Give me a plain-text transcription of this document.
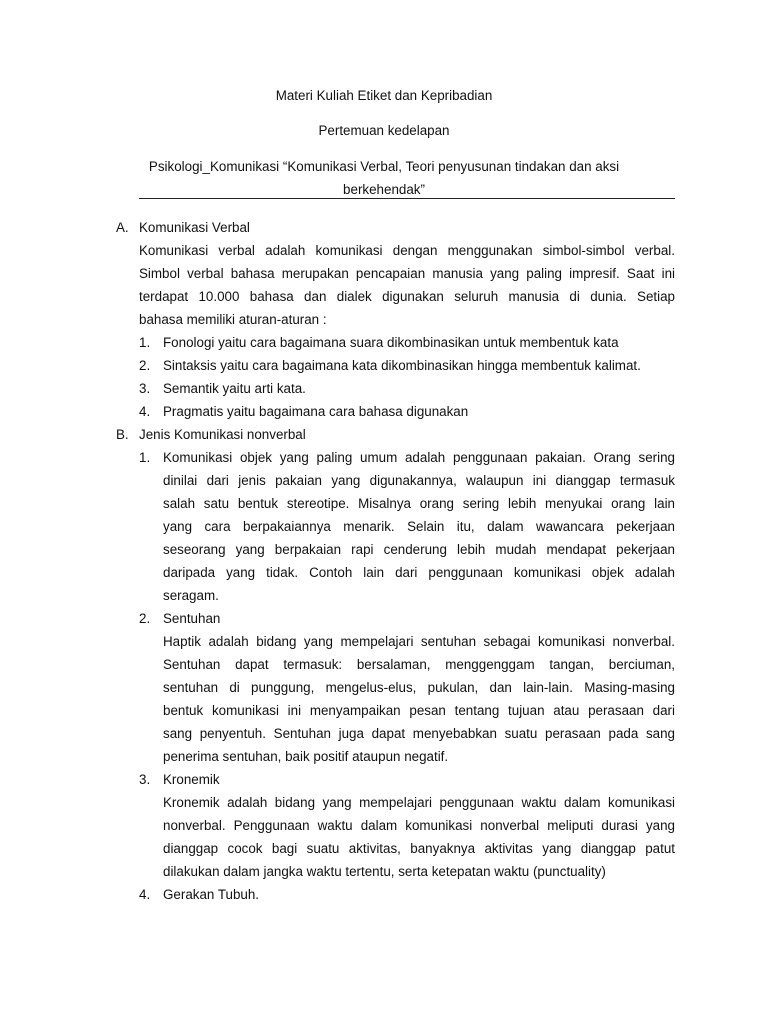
Materi Kuliah Etiket dan Kepribadian
Pertemuan kedelapan
Psikologi_Komunikasi “Komunikasi Verbal, Teori penyusunan tindakan dan aksi
berkehendak”
A. Komunikasi Verbal
Komunikasi verbal adalah komunikasi dengan menggunakan simbol-simbol verbal.
Simbol verbal bahasa merupakan pencapaian manusia yang paling impresif. Saat ini
terdapat 10.000 bahasa dan dialek digunakan seluruh manusia di dunia. Setiap
bahasa memiliki aturan-aturan :
1. Fonologi yaitu cara bagaimana suara dikombinasikan untuk membentuk kata
2. Sintaksis yaitu cara bagaimana kata dikombinasikan hingga membentuk kalimat.
3. Semantik yaitu arti kata.
4. Pragmatis yaitu bagaimana cara bahasa digunakan
B. Jenis Komunikasi nonverbal
1. Komunikasi objek yang paling umum adalah penggunaan pakaian. Orang sering
dinilai dari jenis pakaian yang digunakannya, walaupun ini dianggap termasuk
salah satu bentuk stereotipe. Misalnya orang sering lebih menyukai orang lain
yang cara berpakaiannya menarik. Selain itu, dalam wawancara pekerjaan
seseorang yang berpakaian rapi cenderung lebih mudah mendapat pekerjaan
daripada yang tidak. Contoh lain dari penggunaan komunikasi objek adalah
seragam.
2. Sentuhan
Haptik adalah bidang yang mempelajari sentuhan sebagai komunikasi nonverbal.
Sentuhan dapat termasuk: bersalaman, menggenggam tangan, berciuman,
sentuhan di punggung, mengelus-elus, pukulan, dan lain-lain. Masing-masing
bentuk komunikasi ini menyampaikan pesan tentang tujuan atau perasaan dari
sang penyentuh. Sentuhan juga dapat menyebabkan suatu perasaan pada sang
penerima sentuhan, baik positif ataupun negatif.
3. Kronemik
Kronemik adalah bidang yang mempelajari penggunaan waktu dalam komunikasi
nonverbal. Penggunaan waktu dalam komunikasi nonverbal meliputi durasi yang
dianggap cocok bagi suatu aktivitas, banyaknya aktivitas yang dianggap patut
dilakukan dalam jangka waktu tertentu, serta ketepatan waktu (punctuality)
4. Gerakan Tubuh.
